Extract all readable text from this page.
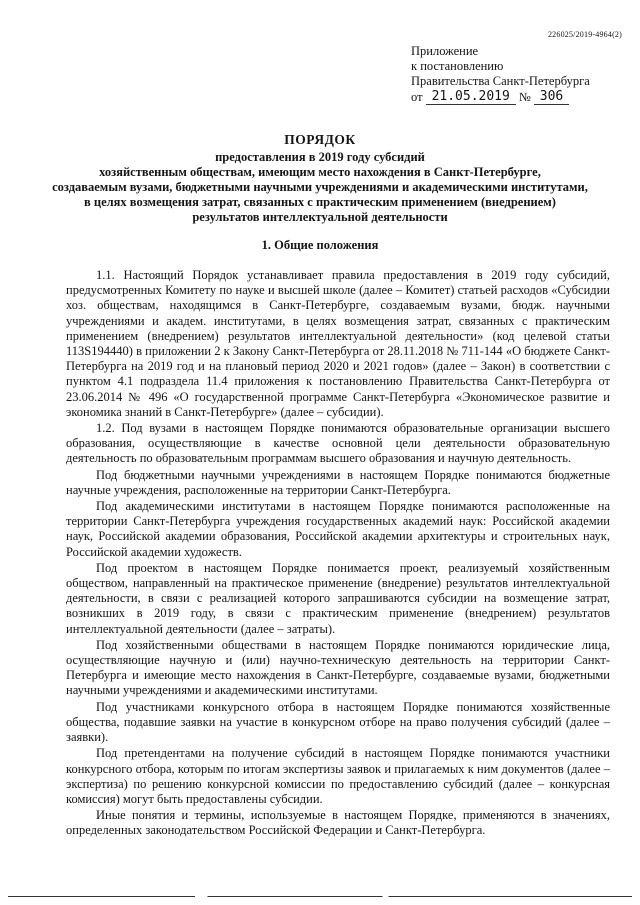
226025/2019-4964(2)
Приложение
к постановлению
Правительства Санкт-Петербурга
от 21.05.2019 № 306
ПОРЯДОК
предоставления в 2019 году субсидий
хозяйственным обществам, имеющим место нахождения в Санкт-Петербурге,
создаваемым вузами, бюджетными научными учреждениями и академическими институтами,
в целях возмещения затрат, связанных с практическим применением (внедрением)
результатов интеллектуальной деятельности
1. Общие положения

1.1. Настоящий Порядок устанавливает правила предоставления в 2019 году субсидий, предусмотренных Комитету по науке и высшей школе (далее – Комитет) статьей расходов «Субсидии хоз. обществам, находящимся в Санкт-Петербурге, создаваемым вузами, бюдж. научными учреждениями и академ. институтами, в целях возмещения затрат, связанных с практическим применением (внедрением) результатов интеллектуальной деятельности» (код целевой статьи 113S194440) в приложении 2 к Закону Санкт-Петербурга от 28.11.2018 № 711-144 «О бюджете Санкт-Петербурга на 2019 год и на плановый период 2020 и 2021 годов» (далее – Закон) в соответствии с пунктом 4.1 подраздела 11.4 приложения к постановлению Правительства Санкт-Петербурга от 23.06.2014 № 496 «О государственной программе Санкт-Петербурга «Экономическое развитие и экономика знаний в Санкт-Петербурге» (далее – субсидии).

1.2. Под вузами в настоящем Порядке понимаются образовательные организации высшего образования, осуществляющие в качестве основной цели деятельности образовательную деятельность по образовательным программам высшего образования и научную деятельность.

Под бюджетными научными учреждениями в настоящем Порядке понимаются бюджетные научные учреждения, расположенные на территории Санкт-Петербурга.

Под академическими институтами в настоящем Порядке понимаются расположенные на территории Санкт-Петербурга учреждения государственных академий наук: Российской академии наук, Российской академии образования, Российской академии архитектуры и строительных наук, Российской академии художеств.

Под проектом в настоящем Порядке понимается проект, реализуемый хозяйственным обществом, направленный на практическое применение (внедрение) результатов интеллектуальной деятельности, в связи с реализацией которого запрашиваются субсидии на возмещение затрат, возникших в 2019 году, в связи с практическим применение (внедрением) результатов интеллектуальной деятельности (далее – затраты).

Под хозяйственными обществами в настоящем Порядке понимаются юридические лица, осуществляющие научную и (или) научно-техническую деятельность на территории Санкт-Петербурга и имеющие место нахождения в Санкт-Петербурге, создаваемые вузами, бюджетными научными учреждениями и академическими институтами.

Под участниками конкурсного отбора в настоящем Порядке понимаются хозяйственные общества, подавшие заявки на участие в конкурсном отборе на право получения субсидий (далее – заявки).

Под претендентами на получение субсидий в настоящем Порядке понимаются участники конкурсного отбора, которым по итогам экспертизы заявок и прилагаемых к ним документов (далее – экспертиза) по решению конкурсной комиссии по предоставлению субсидий (далее – конкурсная комиссия) могут быть предоставлены субсидии.

Иные понятия и термины, используемые в настоящем Порядке, применяются в значениях, определенных законодательством Российской Федерации и Санкт-Петербурга.
